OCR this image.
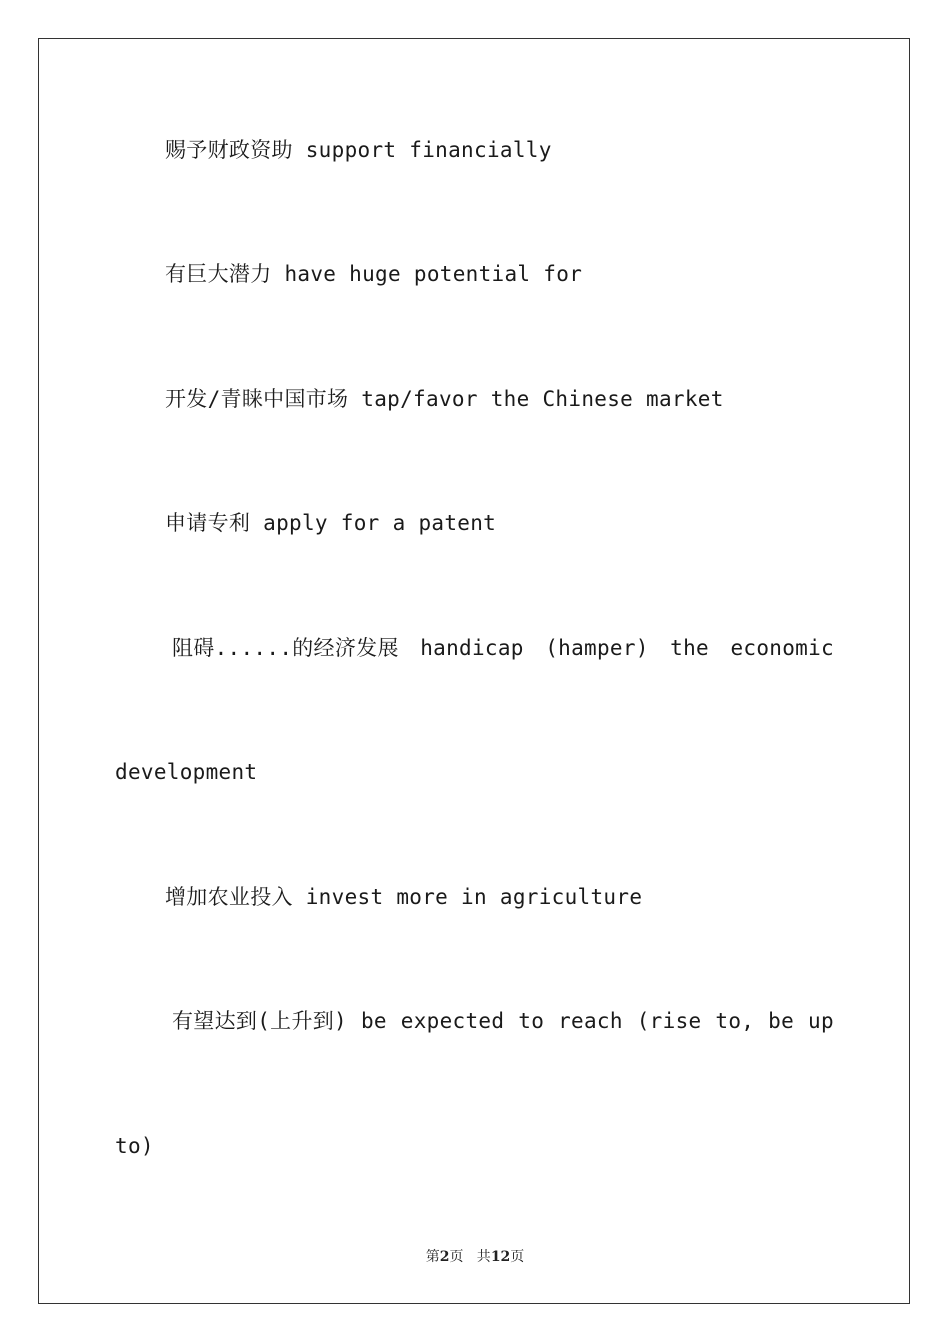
赐予财政资助 support financially
有巨大潜力 have huge potential for
开发/青睐中国市场 tap/favor the Chinese market
申请专利 apply for a patent
阻碍......的经济发展 handicap (hamper) the economic
development
增加农业投入 invest more in agriculture
有望达到(上升到) be expected to reach (rise to, be up
to)
第2页   共12页
